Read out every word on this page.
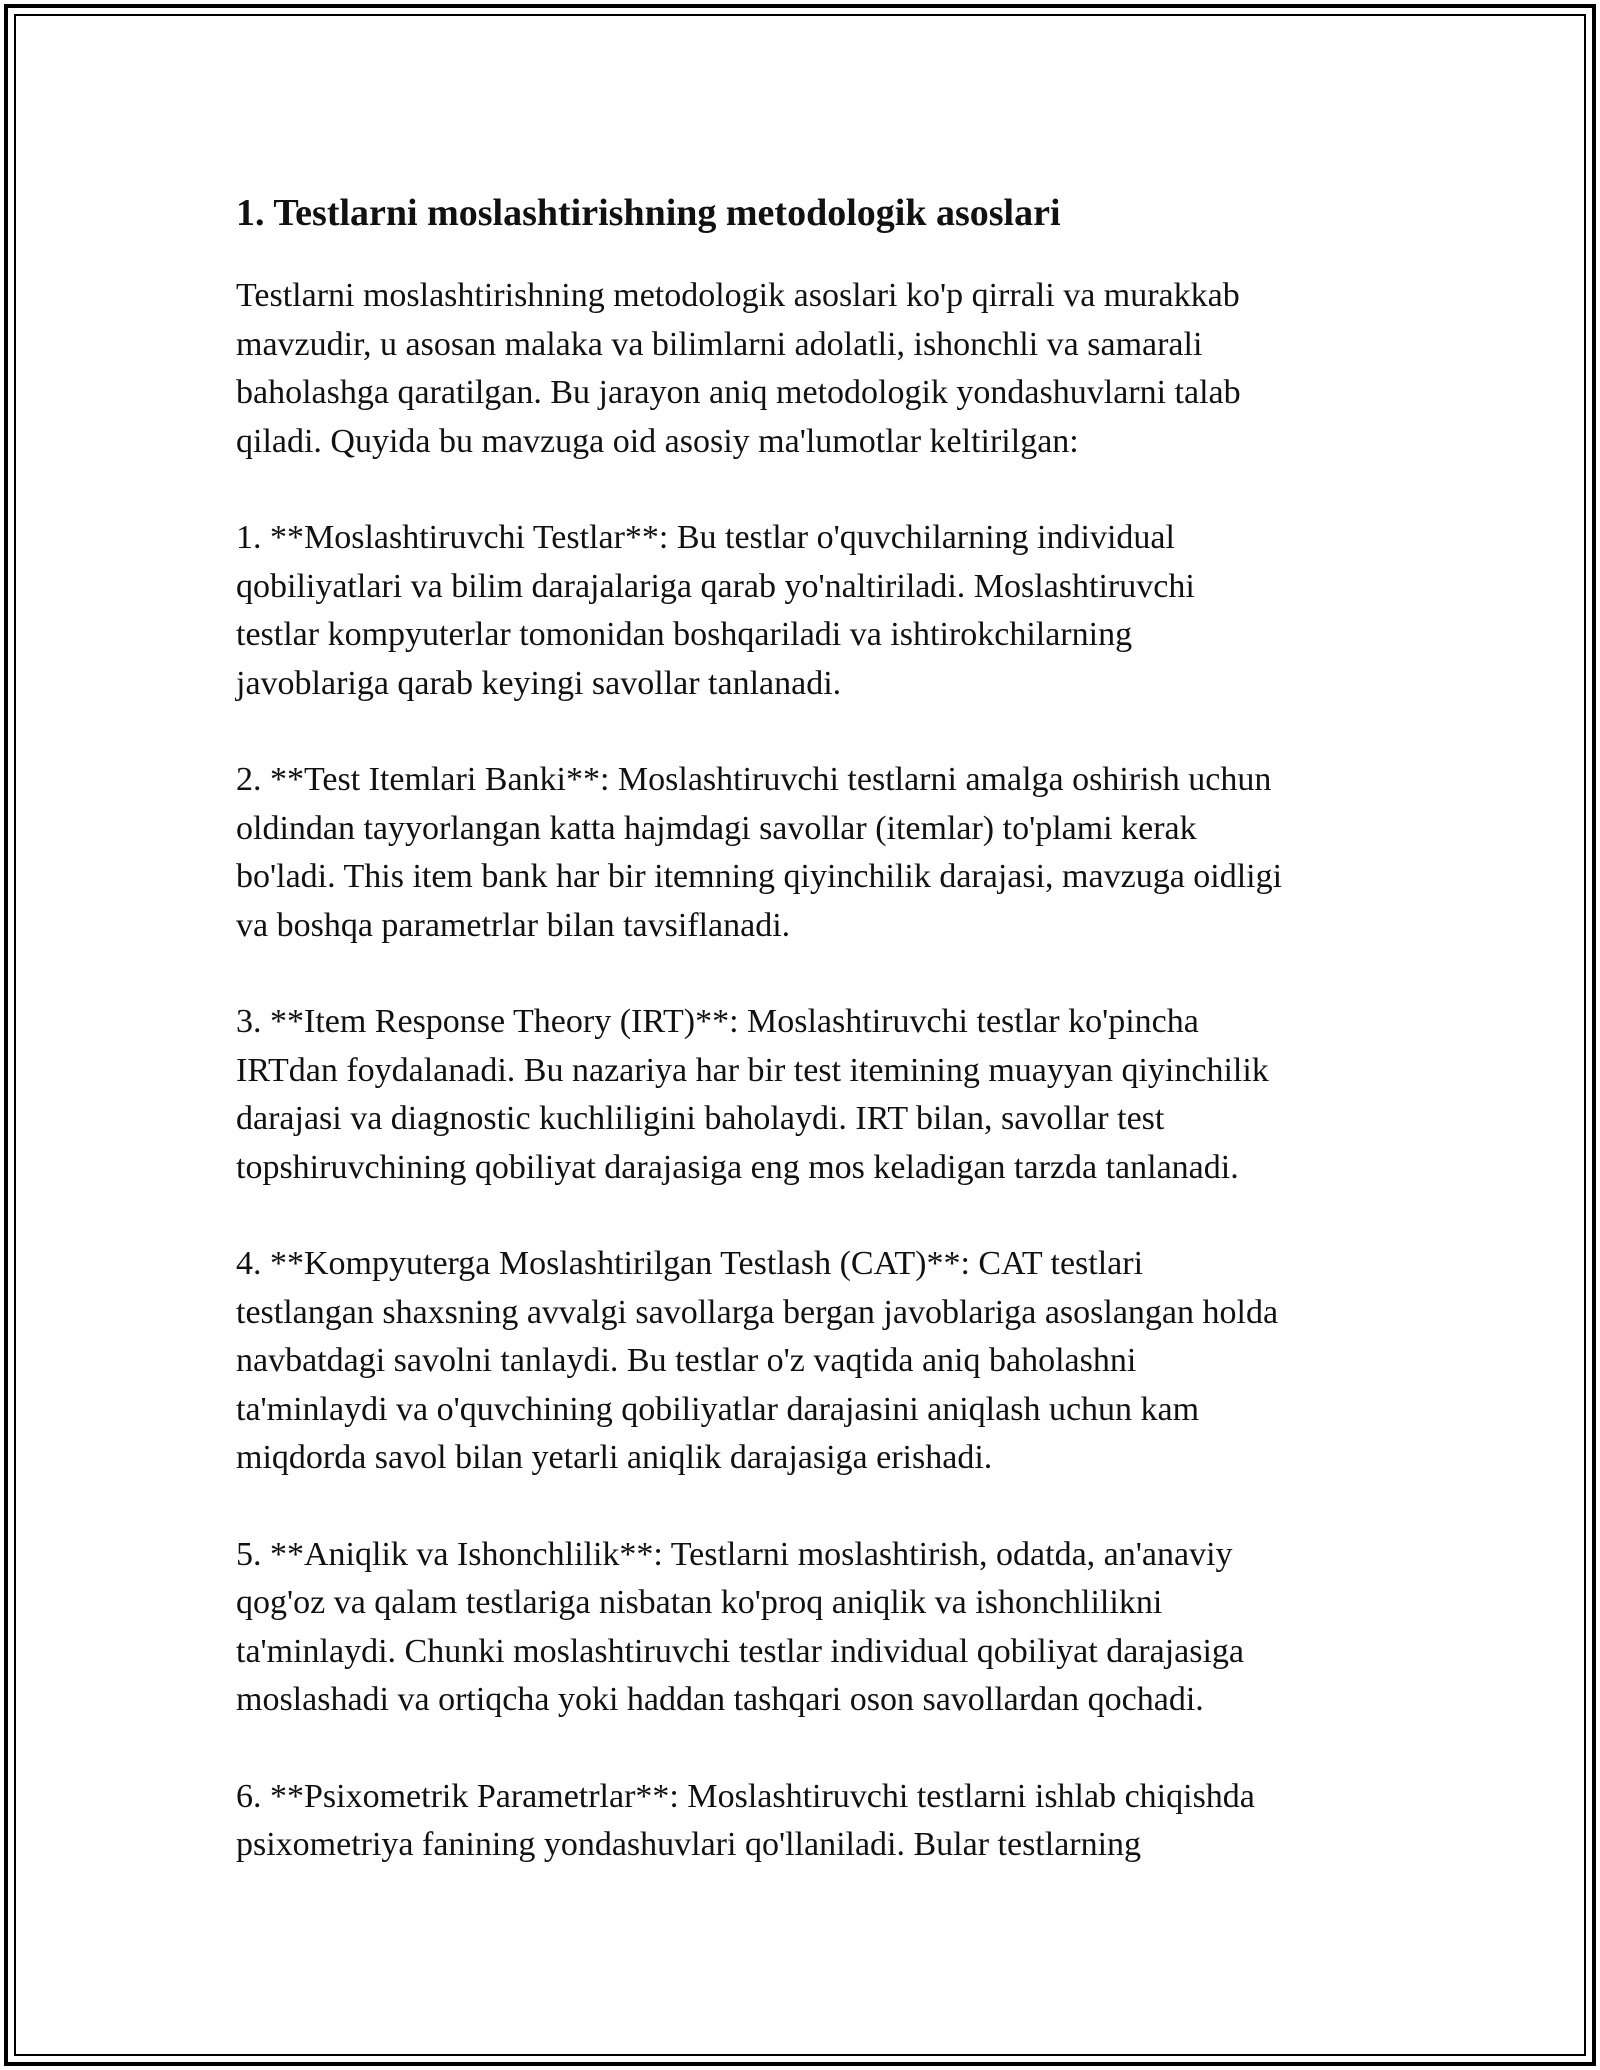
1. Testlarni moslashtirishning metodologik asoslari

Testlarni moslashtirishning metodologik asoslari ko'p qirrali va murakkab
mavzudir, u asosan malaka va bilimlarni adolatli, ishonchli va samarali
baholashga qaratilgan. Bu jarayon aniq metodologik yondashuvlarni talab
qiladi. Quyida bu mavzuga oid asosiy ma'lumotlar keltirilgan:

1. **Moslashtiruvchi Testlar**: Bu testlar o'quvchilarning individual
qobiliyatlari va bilim darajalariga qarab yo'naltiriladi. Moslashtiruvchi
testlar kompyuterlar tomonidan boshqariladi va ishtirokchilarning
javoblariga qarab keyingi savollar tanlanadi.

2. **Test Itemlari Banki**: Moslashtiruvchi testlarni amalga oshirish uchun
oldindan tayyorlangan katta hajmdagi savollar (itemlar) to'plami kerak
bo'ladi. This item bank har bir itemning qiyinchilik darajasi, mavzuga oidligi
va boshqa parametrlar bilan tavsiflanadi.

3. **Item Response Theory (IRT)**: Moslashtiruvchi testlar ko'pincha
IRTdan foydalanadi. Bu nazariya har bir test itemining muayyan qiyinchilik
darajasi va diagnostic kuchliligini baholaydi. IRT bilan, savollar test
topshiruvchining qobiliyat darajasiga eng mos keladigan tarzda tanlanadi.

4. **Kompyuterga Moslashtirilgan Testlash (CAT)**: CAT testlari
testlangan shaxsning avvalgi savollarga bergan javoblariga asoslangan holda
navbatdagi savolni tanlaydi. Bu testlar o'z vaqtida aniq baholashni
ta'minlaydi va o'quvchining qobiliyatlar darajasini aniqlash uchun kam
miqdorda savol bilan yetarli aniqlik darajasiga erishadi.

5. **Aniqlik va Ishonchlilik**: Testlarni moslashtirish, odatda, an'anaviy
qog'oz va qalam testlariga nisbatan ko'proq aniqlik va ishonchlilikni
ta'minlaydi. Chunki moslashtiruvchi testlar individual qobiliyat darajasiga
moslashadi va ortiqcha yoki haddan tashqari oson savollardan qochadi.

6. **Psixometrik Parametrlar**: Moslashtiruvchi testlarni ishlab chiqishda
psixometriya fanining yondashuvlari qo'llaniladi. Bular testlarning
